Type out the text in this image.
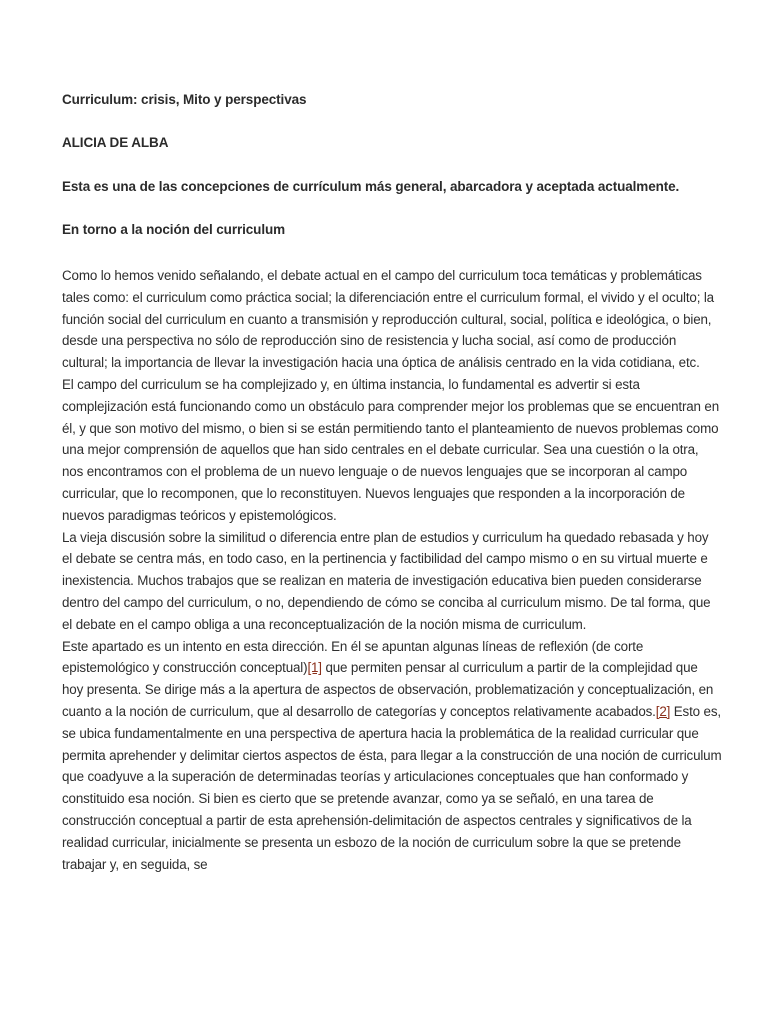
Curriculum: crisis, Mito y perspectivas
ALICIA DE ALBA
Esta es una de las concepciones de currículum más general, abarcadora y aceptada actualmente.
En torno a la noción del curriculum

Como lo hemos venido señalando, el debate actual en el campo del curriculum toca temáticas y problemáticas tales como: el curriculum como práctica social; la diferenciación entre el curriculum formal, el vivido y el oculto; la función social del curriculum en cuanto a transmisión y reproducción cultural, social, política e ideológica, o bien, desde una perspectiva no sólo de reproducción sino de resistencia y lucha social, así como de producción cultural; la importancia de llevar la investigación hacia una óptica de análisis centrado en la vida cotidiana, etc.

El campo del curriculum se ha complejizado y, en última instancia, lo fundamental es advertir si esta complejización está funcionando como un obstáculo para comprender mejor los problemas que se encuentran en él, y que son motivo del mismo, o bien si se están permitiendo tanto el planteamiento de nuevos problemas como una mejor comprensión de aquellos que han sido centrales en el debate curricular. Sea una cuestión o la otra, nos encontramos con el problema de un nuevo lenguaje o de nuevos lenguajes que se incorporan al campo curricular, que lo recomponen, que lo reconstituyen. Nuevos lenguajes que responden a la incorporación de nuevos paradigmas teóricos y epistemológicos.

La vieja discusión sobre la similitud o diferencia entre plan de estudios y curriculum ha quedado rebasada y hoy el debate se centra más, en todo caso, en la pertinencia y factibilidad del campo mismo o en su virtual muerte e inexistencia. Muchos trabajos que se realizan en materia de investigación educativa bien pueden considerarse dentro del campo del curriculum, o no, dependiendo de cómo se conciba al curriculum mismo. De tal forma, que el debate en el campo obliga a una reconceptualización de la noción misma de curriculum.

Este apartado es un intento en esta dirección. En él se apuntan algunas líneas de reflexión (de corte epistemológico y construcción conceptual)[1] que permiten pensar al curriculum a partir de la complejidad que hoy presenta. Se dirige más a la apertura de aspectos de observación, problematización y conceptualización, en cuanto a la noción de curriculum, que al desarrollo de categorías y conceptos relativamente acabados.[2] Esto es, se ubica fundamentalmente en una perspectiva de apertura hacia la problemática de la realidad curricular que permita aprehender y delimitar ciertos aspectos de ésta, para llegar a la construcción de una noción de curriculum que coadyuve a la superación de determinadas teorías y articulaciones conceptuales que han conformado y constituido esa noción. Si bien es cierto que se pretende avanzar, como ya se señaló, en una tarea de construcción conceptual a partir de esta aprehensión-delimitación de aspectos centrales y significativos de la realidad curricular, inicialmente se presenta un esbozo de la noción de curriculum sobre la que se pretende trabajar y, en seguida, se
